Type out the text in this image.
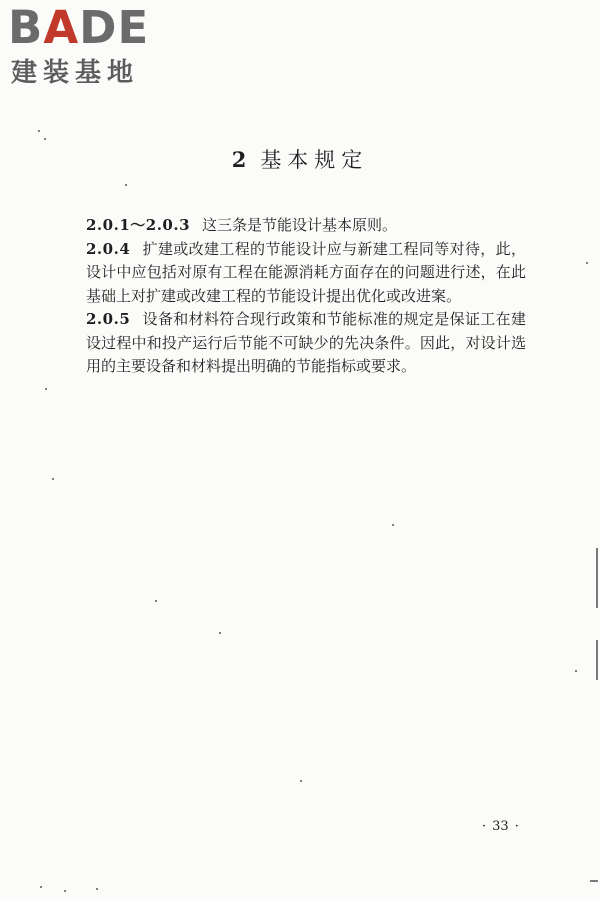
BADE
建装基地
2 基本规定

2.0.1～2.0.3 这三条是节能设计基本原则。

2.0.4 扩建或改建工程的节能设计应与新建工程同等对待，此，设计中应包括对原有工程在能源消耗方面存在的问题进行述，在此基础上对扩建或改建工程的节能设计提出优化或改进案。

2.0.5 设备和材料符合现行政策和节能标准的规定是保证工在建设过程中和投产运行后节能不可缺少的先决条件。因此，对设计选用的主要设备和材料提出明确的节能指标或要求。

· 33 ·
